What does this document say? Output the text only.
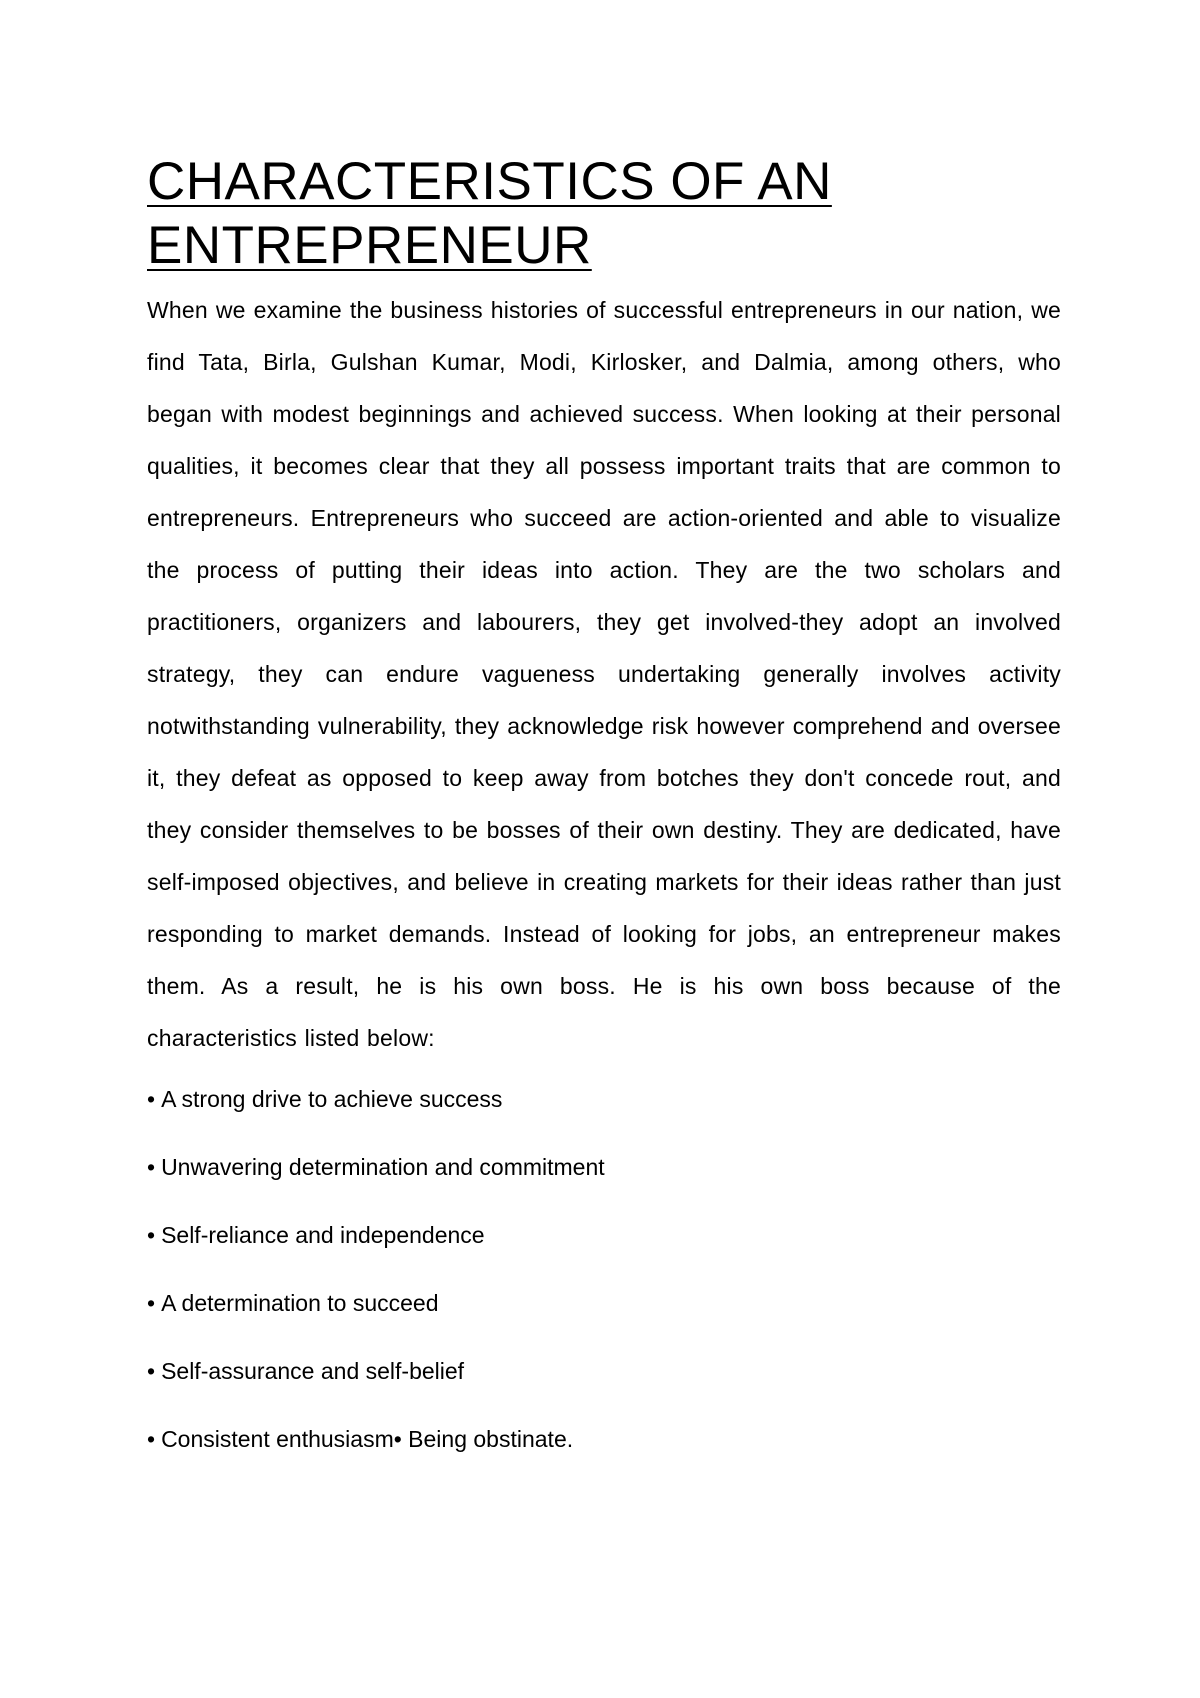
CHARACTERISTICS OF AN
ENTREPRENEUR

When we examine the business histories of successful entrepreneurs in our nation, we find Tata, Birla, Gulshan Kumar, Modi, Kirlosker, and Dalmia, among others, who began with modest beginnings and achieved success. When looking at their personal qualities, it becomes clear that they all possess important traits that are common to entrepreneurs. Entrepreneurs who succeed are action-oriented and able to visualize the process of putting their ideas into action. They are the two scholars and practitioners, organizers and labourers, they get involved-they adopt an involved strategy, they can endure vagueness undertaking generally involves activity notwithstanding vulnerability, they acknowledge risk however comprehend and oversee it, they defeat as opposed to keep away from botches they don't concede rout, and they consider themselves to be bosses of their own destiny. They are dedicated, have self-imposed objectives, and believe in creating markets for their ideas rather than just responding to market demands. Instead of looking for jobs, an entrepreneur makes them. As a result, he is his own boss. He is his own boss because of the characteristics listed below:

• A strong drive to achieve success
• Unwavering determination and commitment
• Self-reliance and independence
• A determination to succeed
• Self-assurance and self-belief
• Consistent enthusiasm• Being obstinate.
